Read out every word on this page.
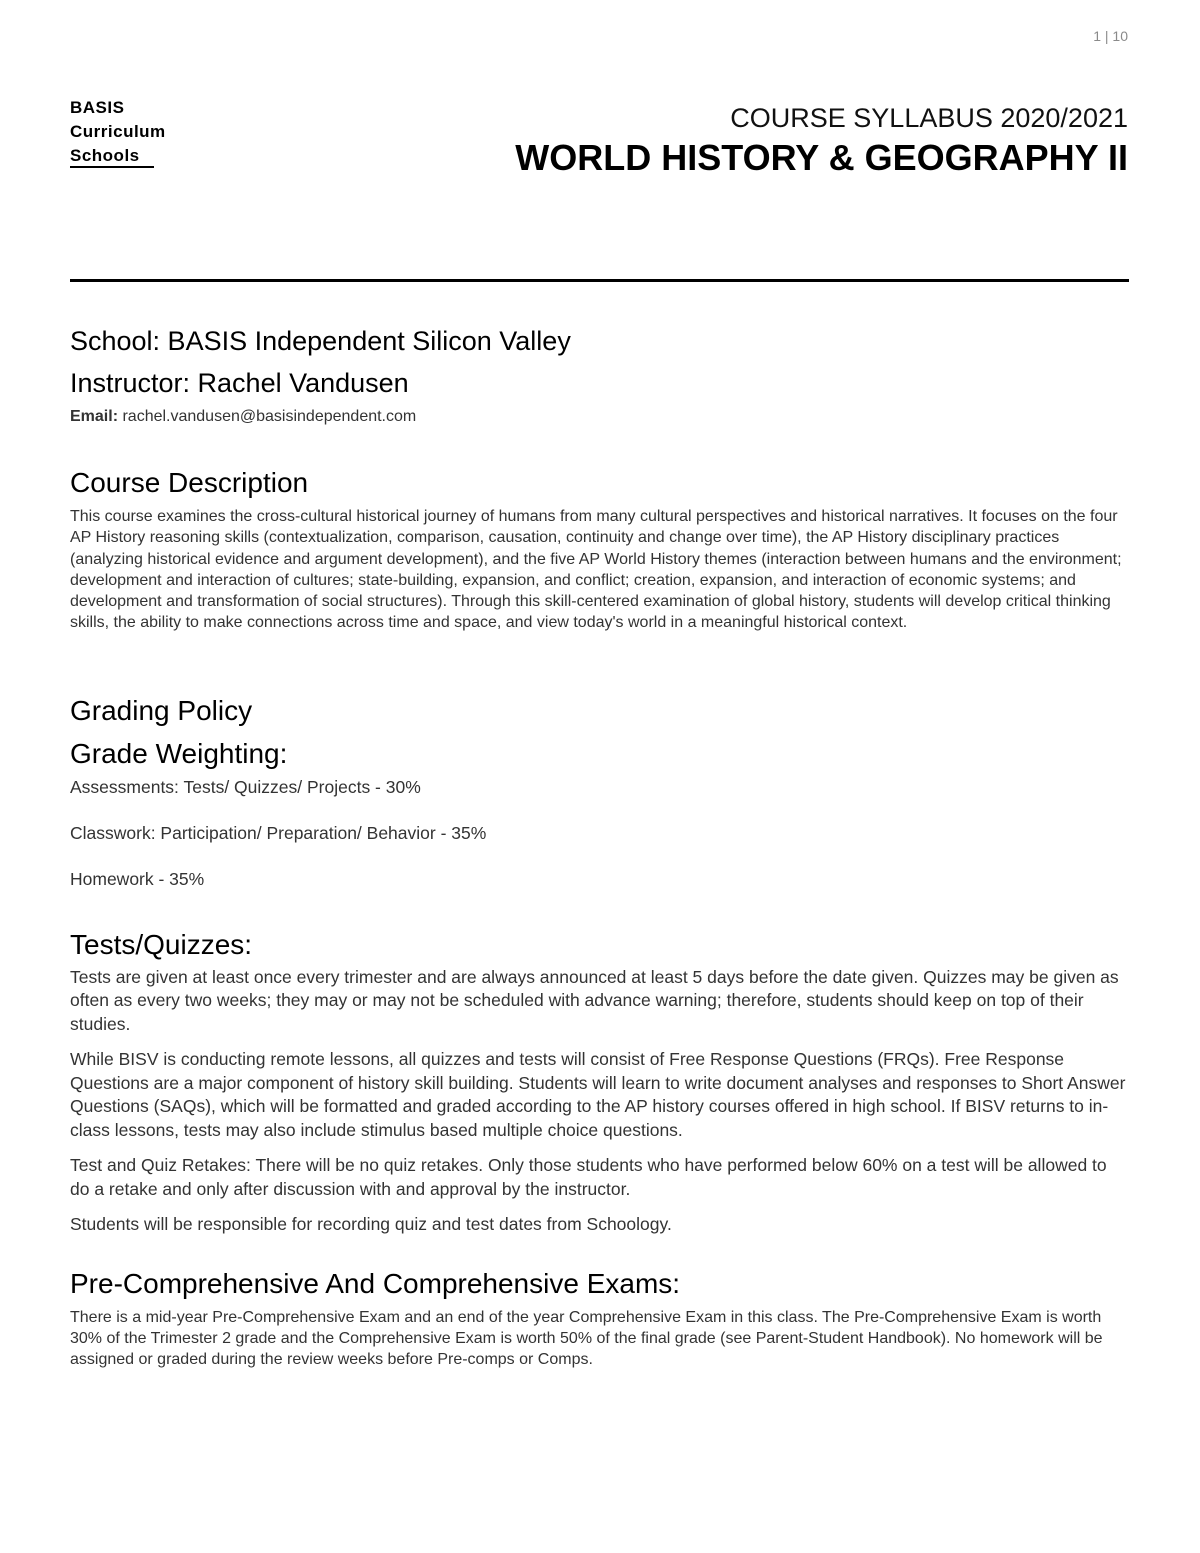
1 | 10
BASIS
Curriculum
Schools
COURSE SYLLABUS 2020/2021
WORLD HISTORY & GEOGRAPHY II
School: BASIS Independent Silicon Valley
Instructor: Rachel Vandusen
Email: rachel.vandusen@basisindependent.com
Course Description

This course examines the cross-cultural historical journey of humans from many cultural perspectives and historical narratives. It focuses on the four AP History reasoning skills (contextualization, comparison, causation, continuity and change over time), the AP History disciplinary practices (analyzing historical evidence and argument development), and the five AP World History themes (interaction between humans and the environment; development and interaction of cultures; state-building, expansion, and conflict; creation, expansion, and interaction of economic systems; and development and transformation of social structures). Through this skill-centered examination of global history, students will develop critical thinking skills, the ability to make connections across time and space, and view today's world in a meaningful historical context.

Grading Policy
Grade Weighting:

Assessments: Tests/ Quizzes/ Projects - 30%

Classwork: Participation/ Preparation/ Behavior - 35%

Homework - 35%

Tests/Quizzes:

Tests are given at least once every trimester and are always announced at least 5 days before the date given. Quizzes may be given as often as every two weeks; they may or may not be scheduled with advance warning; therefore, students should keep on top of their studies.

While BISV is conducting remote lessons, all quizzes and tests will consist of Free Response Questions (FRQs). Free Response Questions are a major component of history skill building. Students will learn to write document analyses and responses to Short Answer Questions (SAQs), which will be formatted and graded according to the AP history courses offered in high school. If BISV returns to in-class lessons, tests may also include stimulus based multiple choice questions.

Test and Quiz Retakes: There will be no quiz retakes. Only those students who have performed below 60% on a test will be allowed to do a retake and only after discussion with and approval by the instructor.

Students will be responsible for recording quiz and test dates from Schoology.

Pre-Comprehensive And Comprehensive Exams:

There is a mid-year Pre-Comprehensive Exam and an end of the year Comprehensive Exam in this class. The Pre-Comprehensive Exam is worth 30% of the Trimester 2 grade and the Comprehensive Exam is worth 50% of the final grade (see Parent-Student Handbook). No homework will be assigned or graded during the review weeks before Pre-comps or Comps.
